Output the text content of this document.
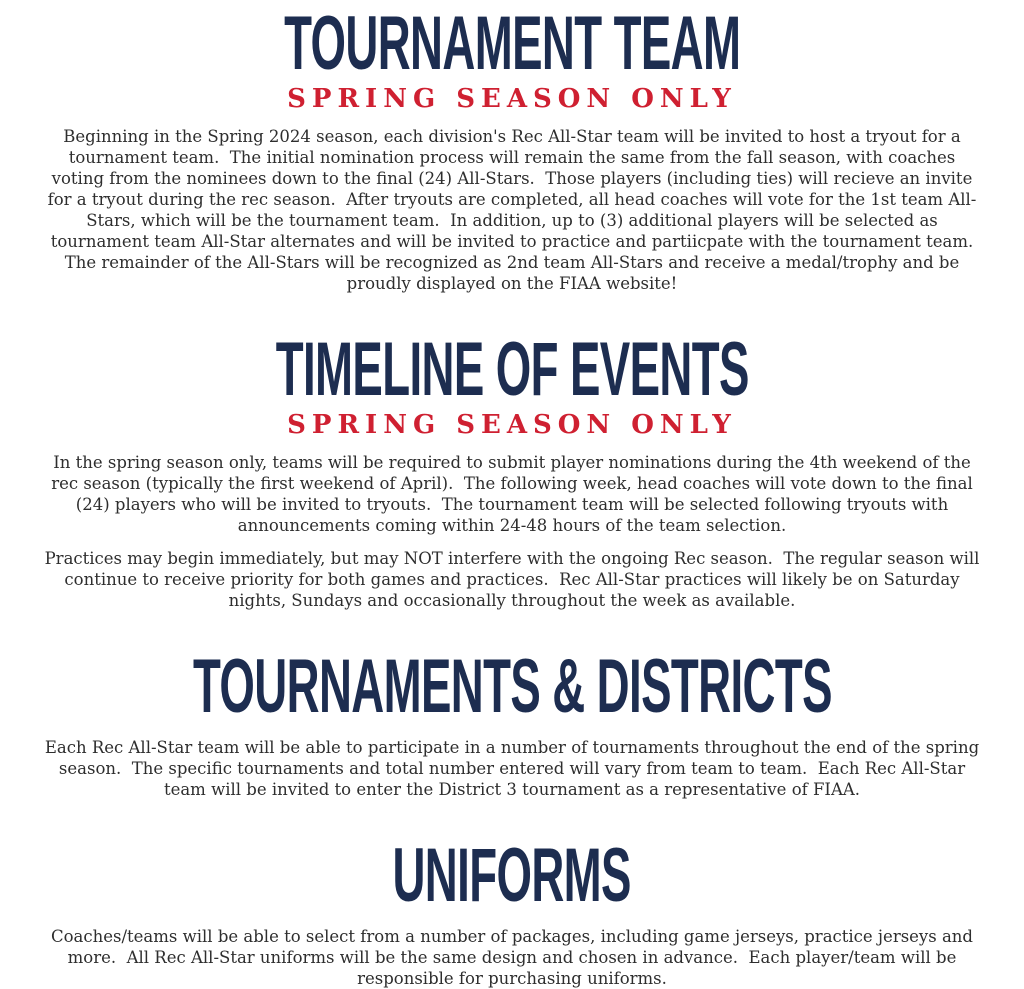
TOURNAMENT TEAM
SPRING SEASON ONLY

Beginning in the Spring 2024 season, each division's Rec All-Star team will be invited to host a tryout for a tournament team.  The initial nomination process will remain the same from the fall season, with coaches voting from the nominees down to the final (24) All-Stars.  Those players (including ties) will recieve an invite for a tryout during the rec season.  After tryouts are completed, all head coaches will vote for the 1st team All-Stars, which will be the tournament team.  In addition, up to (3) additional players will be selected as tournament team All-Star alternates and will be invited to practice and partiicpate with the tournament team.  The remainder of the All-Stars will be recognized as 2nd team All-Stars and receive a medal/trophy and be proudly displayed on the FIAA website!

TIMELINE OF EVENTS
SPRING SEASON ONLY

In the spring season only, teams will be required to submit player nominations during the 4th weekend of the rec season (typically the first weekend of April).  The following week, head coaches will vote down to the final (24) players who will be invited to tryouts.  The tournament team will be selected following tryouts with announcements coming within 24-48 hours of the team selection.

Practices may begin immediately, but may NOT interfere with the ongoing Rec season.  The regular season will continue to receive priority for both games and practices.  Rec All-Star practices will likely be on Saturday nights, Sundays and occasionally throughout the week as available.

TOURNAMENTS & DISTRICTS

Each Rec All-Star team will be able to participate in a number of tournaments throughout the end of the spring season.  The specific tournaments and total number entered will vary from team to team.  Each Rec All-Star team will be invited to enter the District 3 tournament as a representative of FIAA.

UNIFORMS

Coaches/teams will be able to select from a number of packages, including game jerseys, practice jerseys and more.  All Rec All-Star uniforms will be the same design and chosen in advance.  Each player/team will be responsible for purchasing uniforms.
